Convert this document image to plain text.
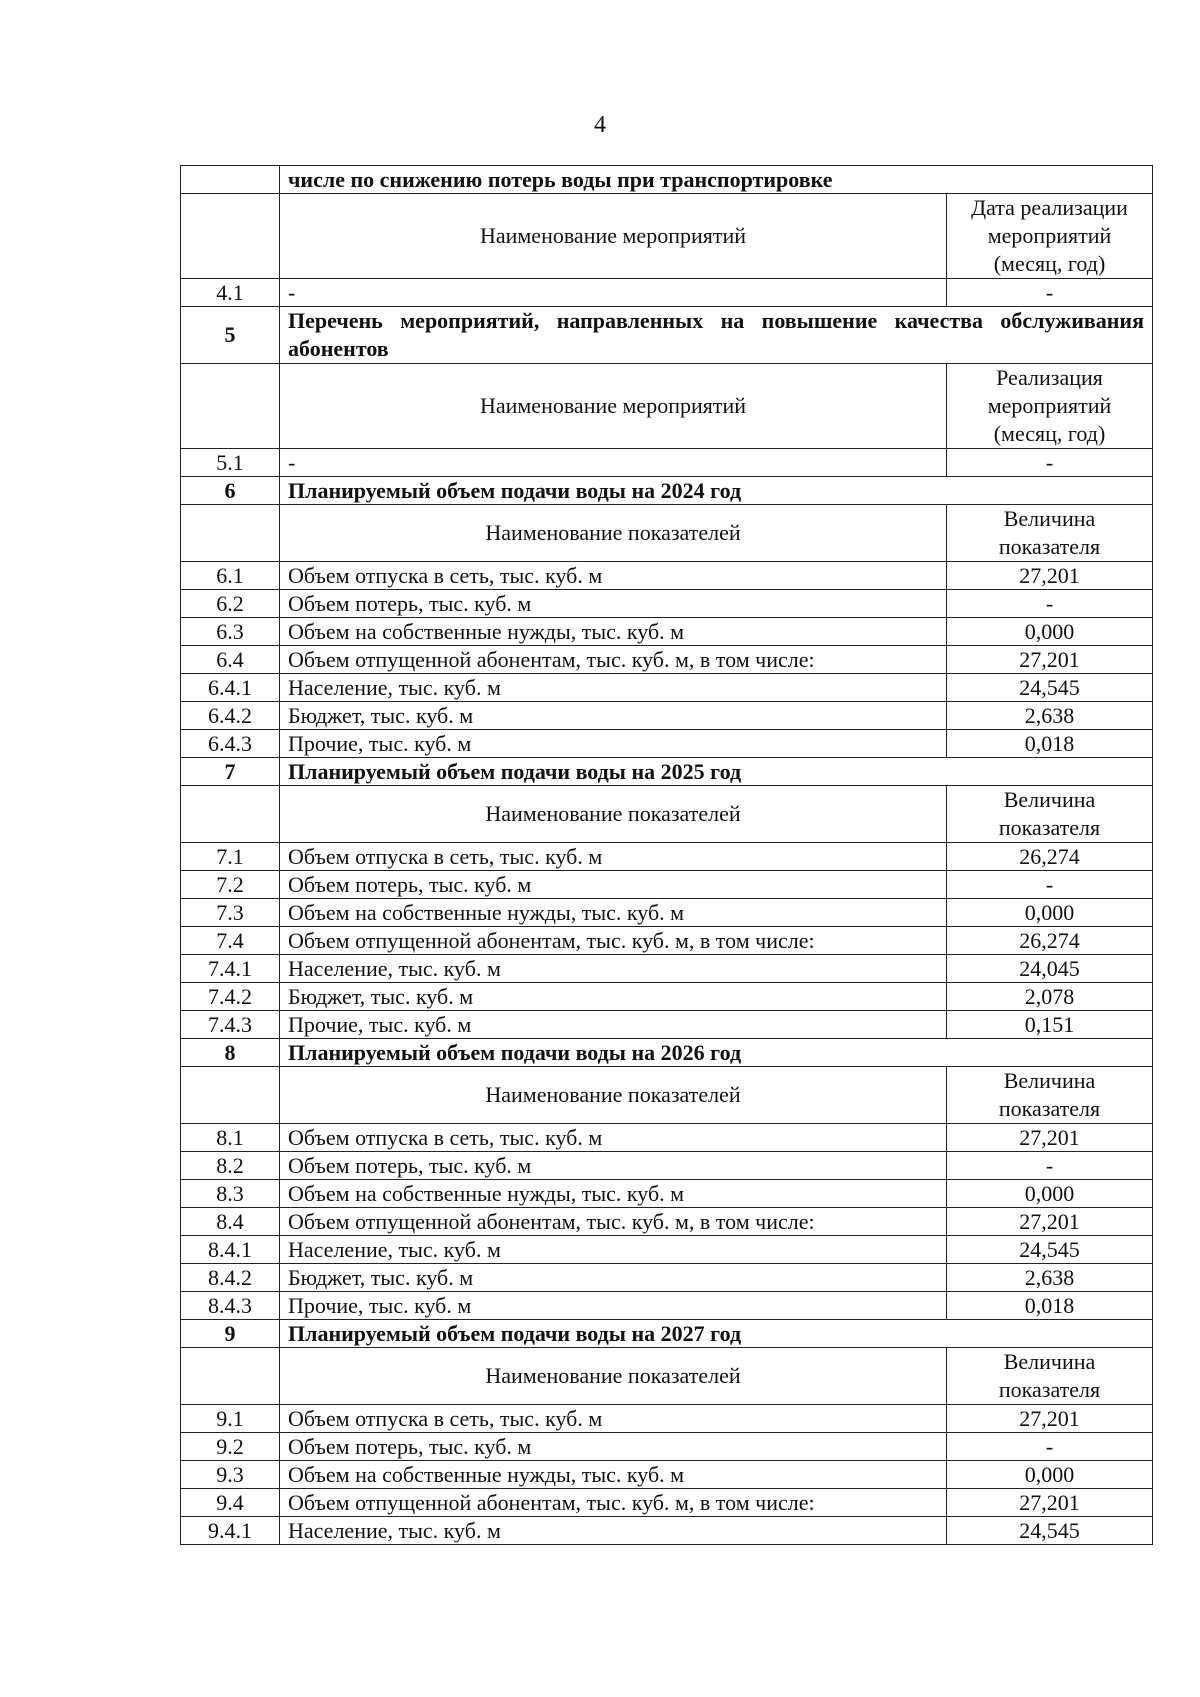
4
	числе по снижению потерь воды при транспортировке	
	Наименование мероприятий	Дата реализации мероприятий (месяц, год)
4.1	-	-
5	Перечень мероприятий, направленных на повышение качества обслуживания абонентов	
	Наименование мероприятий	Реализация мероприятий (месяц, год)
5.1	-	-
6	Планируемый объем подачи воды на 2024 год	
	Наименование показателей	Величина показателя
6.1	Объем отпуска в сеть, тыс. куб. м	27,201
6.2	Объем потерь, тыс. куб. м	-
6.3	Объем на собственные нужды, тыс. куб. м	0,000
6.4	Объем отпущенной абонентам, тыс. куб. м, в том числе:	27,201
6.4.1	Население, тыс. куб. м	24,545
6.4.2	Бюджет, тыс. куб. м	2,638
6.4.3	Прочие, тыс. куб. м	0,018
7	Планируемый объем подачи воды на 2025 год	
	Наименование показателей	Величина показателя
7.1	Объем отпуска в сеть, тыс. куб. м	26,274
7.2	Объем потерь, тыс. куб. м	-
7.3	Объем на собственные нужды, тыс. куб. м	0,000
7.4	Объем отпущенной абонентам, тыс. куб. м, в том числе:	26,274
7.4.1	Население, тыс. куб. м	24,045
7.4.2	Бюджет, тыс. куб. м	2,078
7.4.3	Прочие, тыс. куб. м	0,151
8	Планируемый объем подачи воды на 2026 год	
	Наименование показателей	Величина показателя
8.1	Объем отпуска в сеть, тыс. куб. м	27,201
8.2	Объем потерь, тыс. куб. м	-
8.3	Объем на собственные нужды, тыс. куб. м	0,000
8.4	Объем отпущенной абонентам, тыс. куб. м, в том числе:	27,201
8.4.1	Население, тыс. куб. м	24,545
8.4.2	Бюджет, тыс. куб. м	2,638
8.4.3	Прочие, тыс. куб. м	0,018
9	Планируемый объем подачи воды на 2027 год	
	Наименование показателей	Величина показателя
9.1	Объем отпуска в сеть, тыс. куб. м	27,201
9.2	Объем потерь, тыс. куб. м	-
9.3	Объем на собственные нужды, тыс. куб. м	0,000
9.4	Объем отпущенной абонентам, тыс. куб. м, в том числе:	27,201
9.4.1	Население, тыс. куб. м	24,545
